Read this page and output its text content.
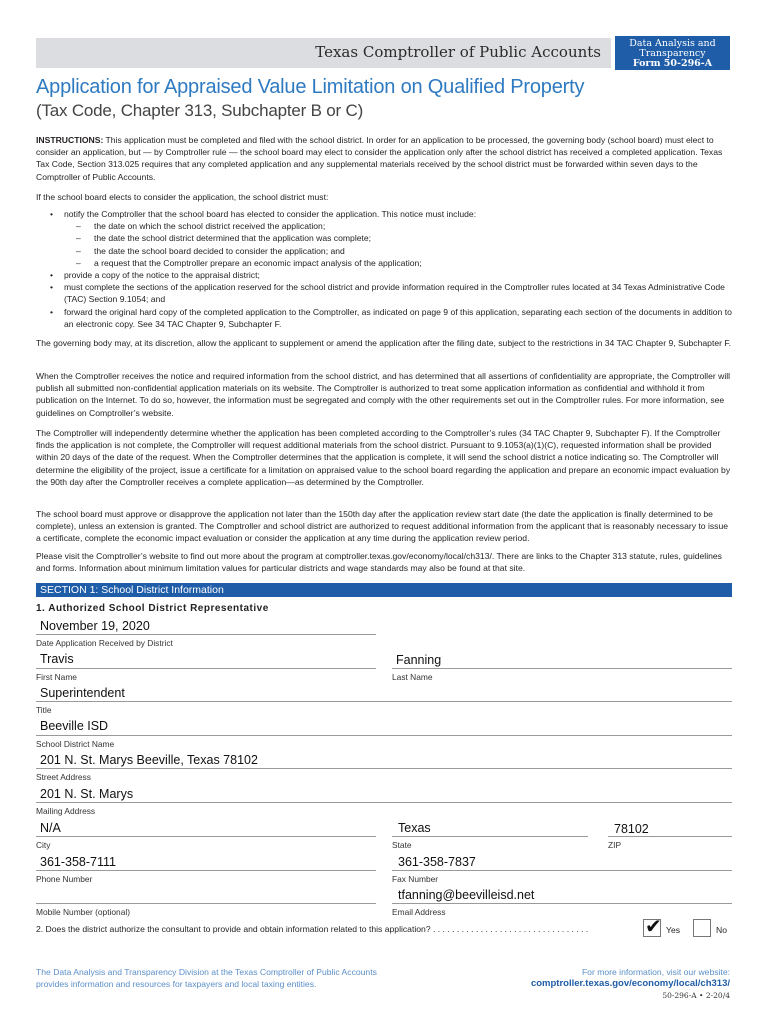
Texas Comptroller of Public Accounts	Data Analysis and
Transparency
Form 50-296-A
Application for Appraised Value Limitation on Qualified Property
(Tax Code, Chapter 313, Subchapter B or C)
INSTRUCTIONS: This application must be completed and filed with the school district. In order for an application to be processed, the governing body (school board) must elect to consider an application, but — by Comptroller rule — the school board may elect to consider the application only after the school district has received a completed application. Texas Tax Code, Section 313.025 requires that any completed application and any supplemental materials received by the school district must be forwarded within seven days to the Comptroller of Public Accounts.
If the school board elects to consider the application, the school district must:
• notify the Comptroller that the school board has elected to consider the application. This notice must include:
– the date on which the school district received the application;
– the date the school district determined that the application was complete;
– the date the school board decided to consider the application; and
– a request that the Comptroller prepare an economic impact analysis of the application;
• provide a copy of the notice to the appraisal district;
• must complete the sections of the application reserved for the school district and provide information required in the Comptroller rules located at 34 Texas Administrative Code (TAC) Section 9.1054; and
• forward the original hard copy of the completed application to the Comptroller, as indicated on page 9 of this application, separating each section of the documents in addition to an electronic copy. See 34 TAC Chapter 9, Subchapter F.
The governing body may, at its discretion, allow the applicant to supplement or amend the application after the filing date, subject to the restrictions in 34 TAC Chapter 9, Subchapter F.
When the Comptroller receives the notice and required information from the school district, and has determined that all assertions of confidentiality are appropriate, the Comptroller will publish all submitted non-confidential application materials on its website. The Comptroller is authorized to treat some application information as confidential and withhold it from publication on the Internet. To do so, however, the information must be segregated and comply with the other requirements set out in the Comptroller rules. For more information, see guidelines on Comptroller’s website.
The Comptroller will independently determine whether the application has been completed according to the Comptroller’s rules (34 TAC Chapter 9, Subchapter F). If the Comptroller finds the application is not complete, the Comptroller will request additional materials from the school district. Pursuant to 9.1053(a)(1)(C), requested information shall be provided within 20 days of the date of the request. When the Comptroller determines that the application is complete, it will send the school district a notice indicating so. The Comptroller will determine the eligibility of the project, issue a certificate for a limitation on appraised value to the school board regarding the application and prepare an economic impact evaluation by the 90th day after the Comptroller receives a complete application—as determined by the Comptroller.
The school board must approve or disapprove the application not later than the 150th day after the application review start date (the date the application is finally determined to be complete), unless an extension is granted. The Comptroller and school district are authorized to request additional information from the applicant that is reasonably necessary to issue a certificate, complete the economic impact evaluation or consider the application at any time during the application review period.
Please visit the Comptroller’s website to find out more about the program at comptroller.texas.gov/economy/local/ch313/. There are links to the Chapter 313 statute, rules, guidelines and forms. Information about minimum limitation values for particular districts and wage standards may also be found at that site.
SECTION 1: School District Information
1. Authorized School District Representative
November 19, 2020
Date Application Received by District
Travis
First Name
Fanning
Last Name
Superintendent
Title
Beeville ISD
School District Name
201 N. St. Marys Beeville, Texas 78102
Street Address
201 N. St. Marys
Mailing Address
N/A
City
Texas
State
78102
ZIP
361-358-7111
Phone Number
361-358-7837
Fax Number
Mobile Number (optional)
tfanning@beevilleisd.net
Email Address
2. Does the district authorize the consultant to provide and obtain information related to this application? . . . . . . . . . . . . . . . . . . . . . . . . . . . . . . . . .	✔ Yes	No
The Data Analysis and Transparency Division at the Texas Comptroller of Public Accounts provides information and resources for taxpayers and local taxing entities.
For more information, visit our website:
comptroller.texas.gov/economy/local/ch313/
50-296-A • 2-20/4
